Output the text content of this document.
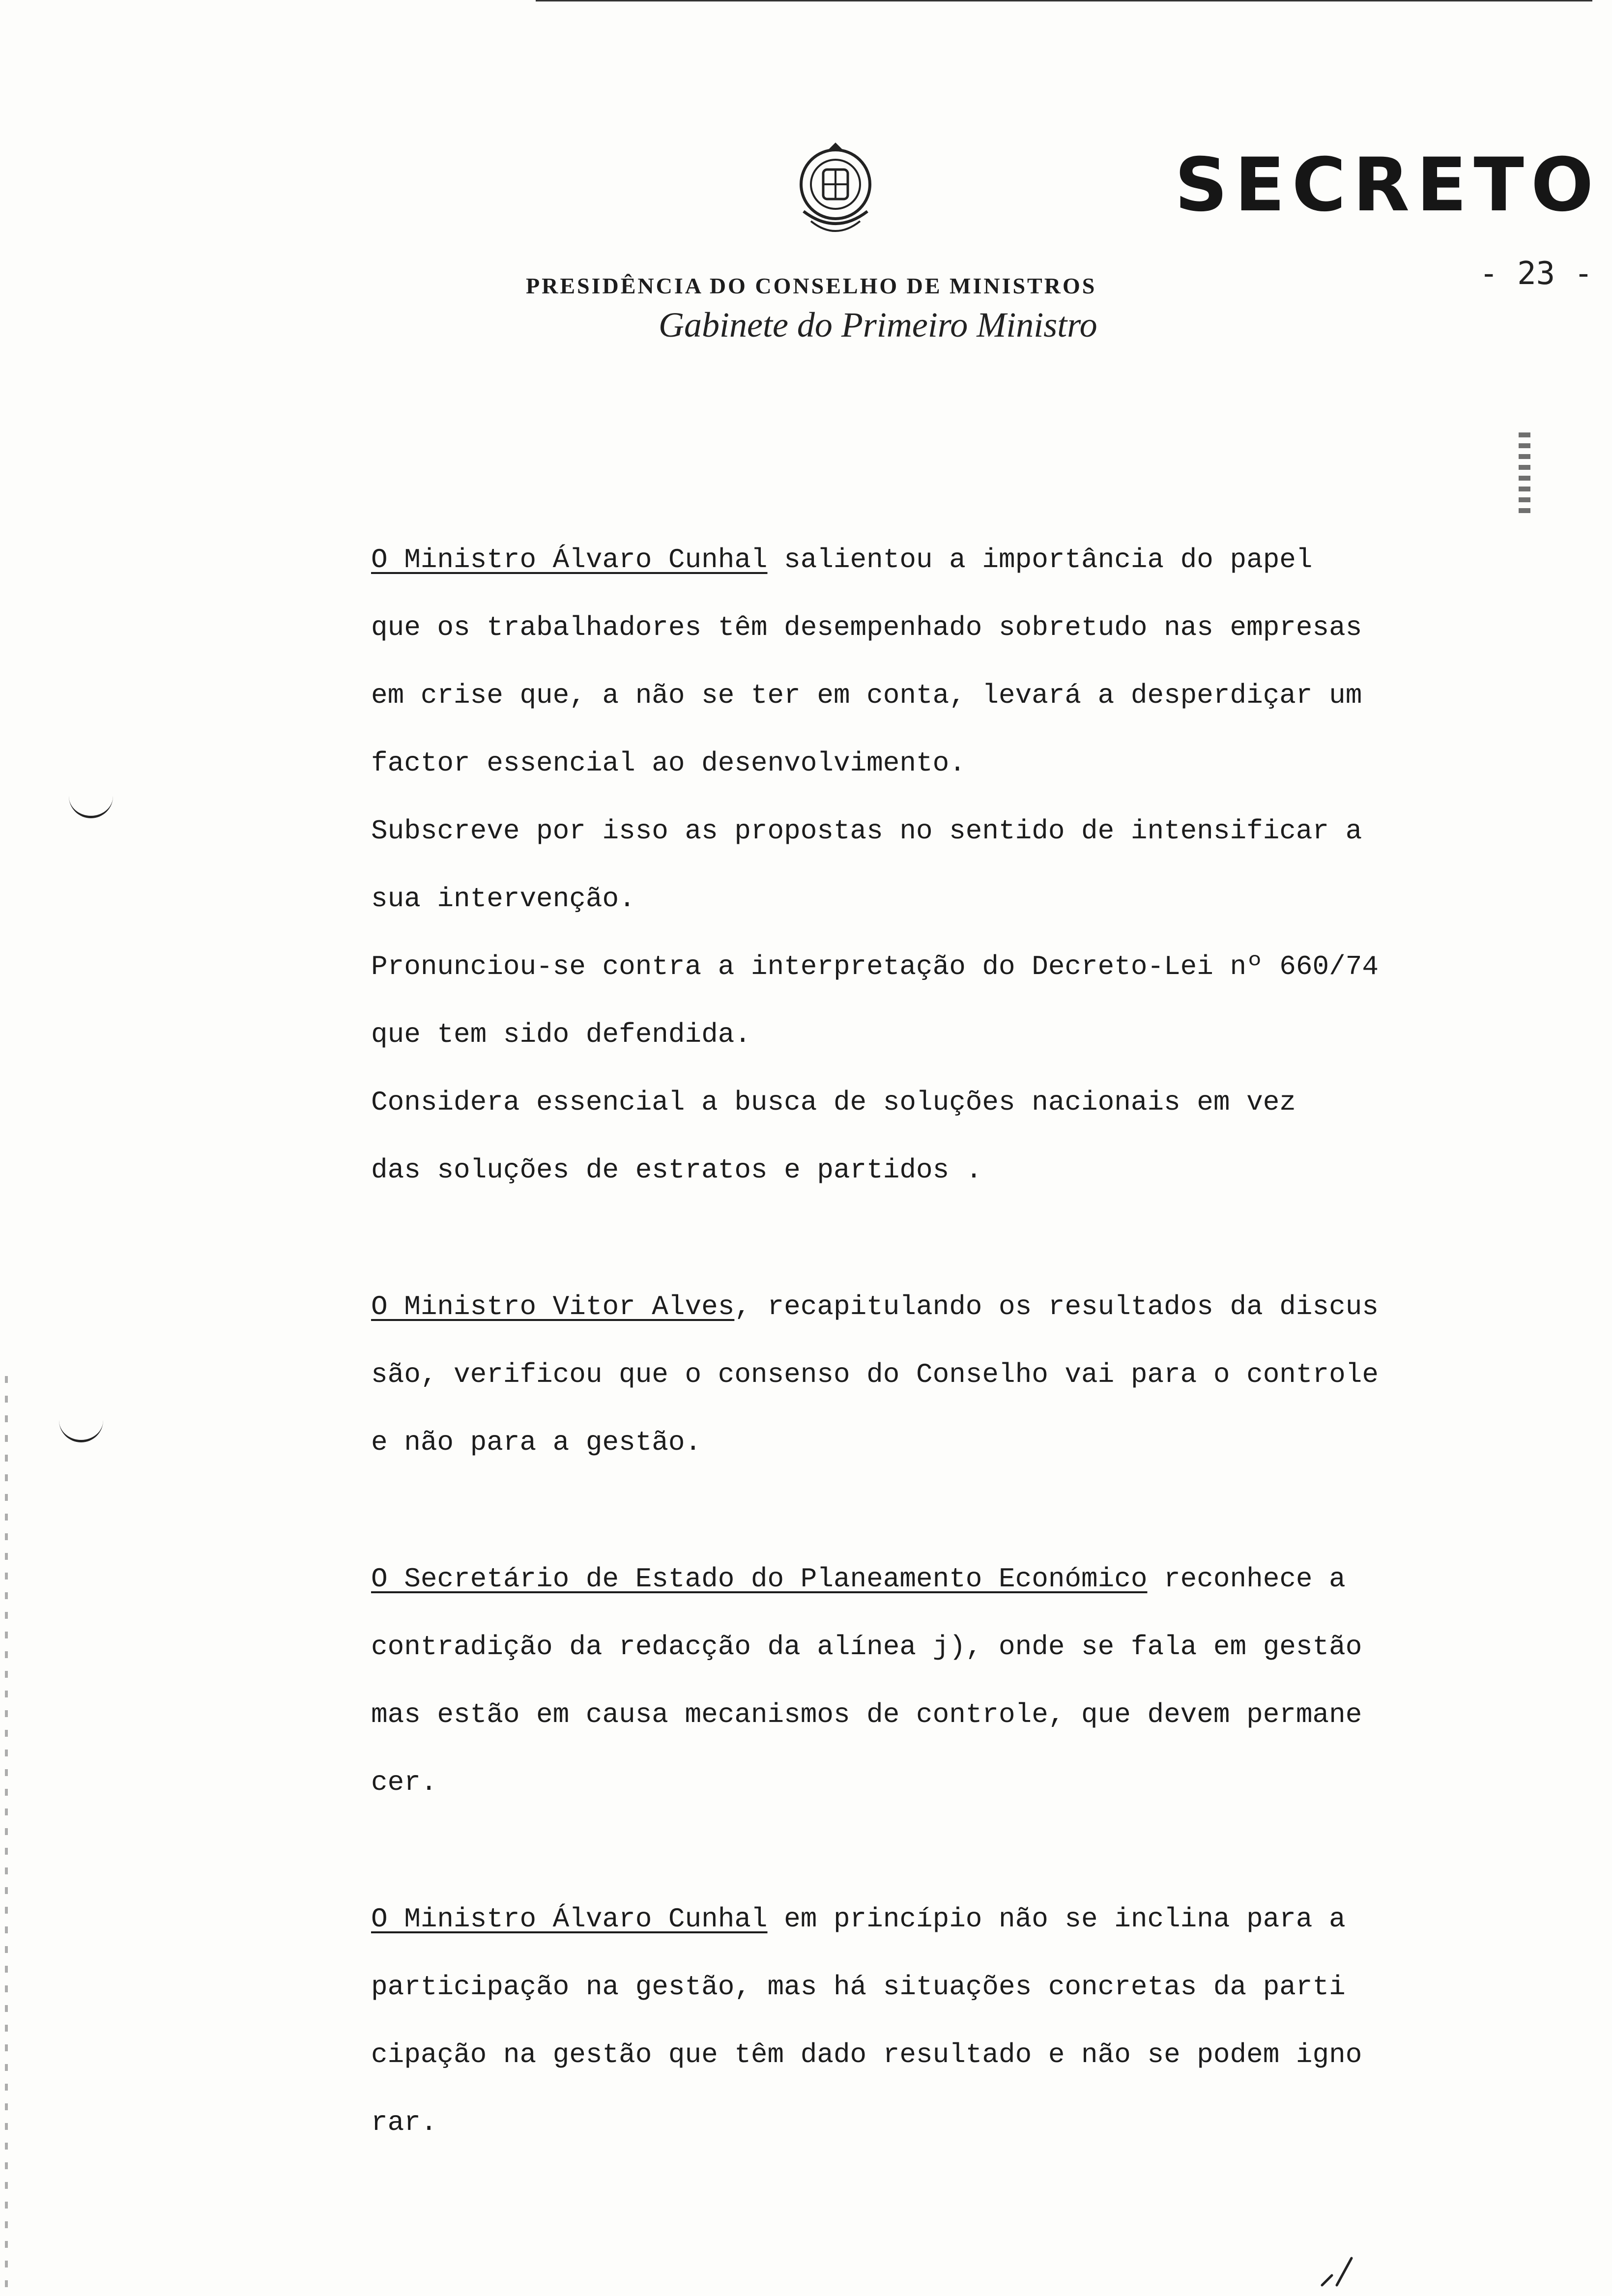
SECRETO
- 23 -
PRESIDÊNCIA DO CONSELHO DE MINISTROS
Gabinete do Primeiro Ministro
O Ministro Álvaro Cunhal salientou a importância do papel
que os trabalhadores têm desempenhado sobretudo nas empresas
em crise que, a não se ter em conta, levará a desperdiçar um
factor essencial ao desenvolvimento.
Subscreve por isso as propostas no sentido de intensificar a
sua intervenção.
Pronunciou-se contra a interpretação do Decreto-Lei nº 660/74
que tem sido defendida.
Considera essencial a busca de soluções nacionais em vez
das soluções de estratos e partidos .
O Ministro Vitor Alves, recapitulando os resultados da discus
são, verificou que o consenso do Conselho vai para o controle
e não para a gestão.
O Secretário de Estado do Planeamento Económico reconhece a
contradição da redacção da alínea j), onde se fala em gestão
mas estão em causa mecanismos de controle, que devem permane
cer.
O Ministro Álvaro Cunhal em princípio não se inclina para a
participação na gestão, mas há situações concretas da parti
cipação na gestão que têm dado resultado e não se podem igno
rar.
